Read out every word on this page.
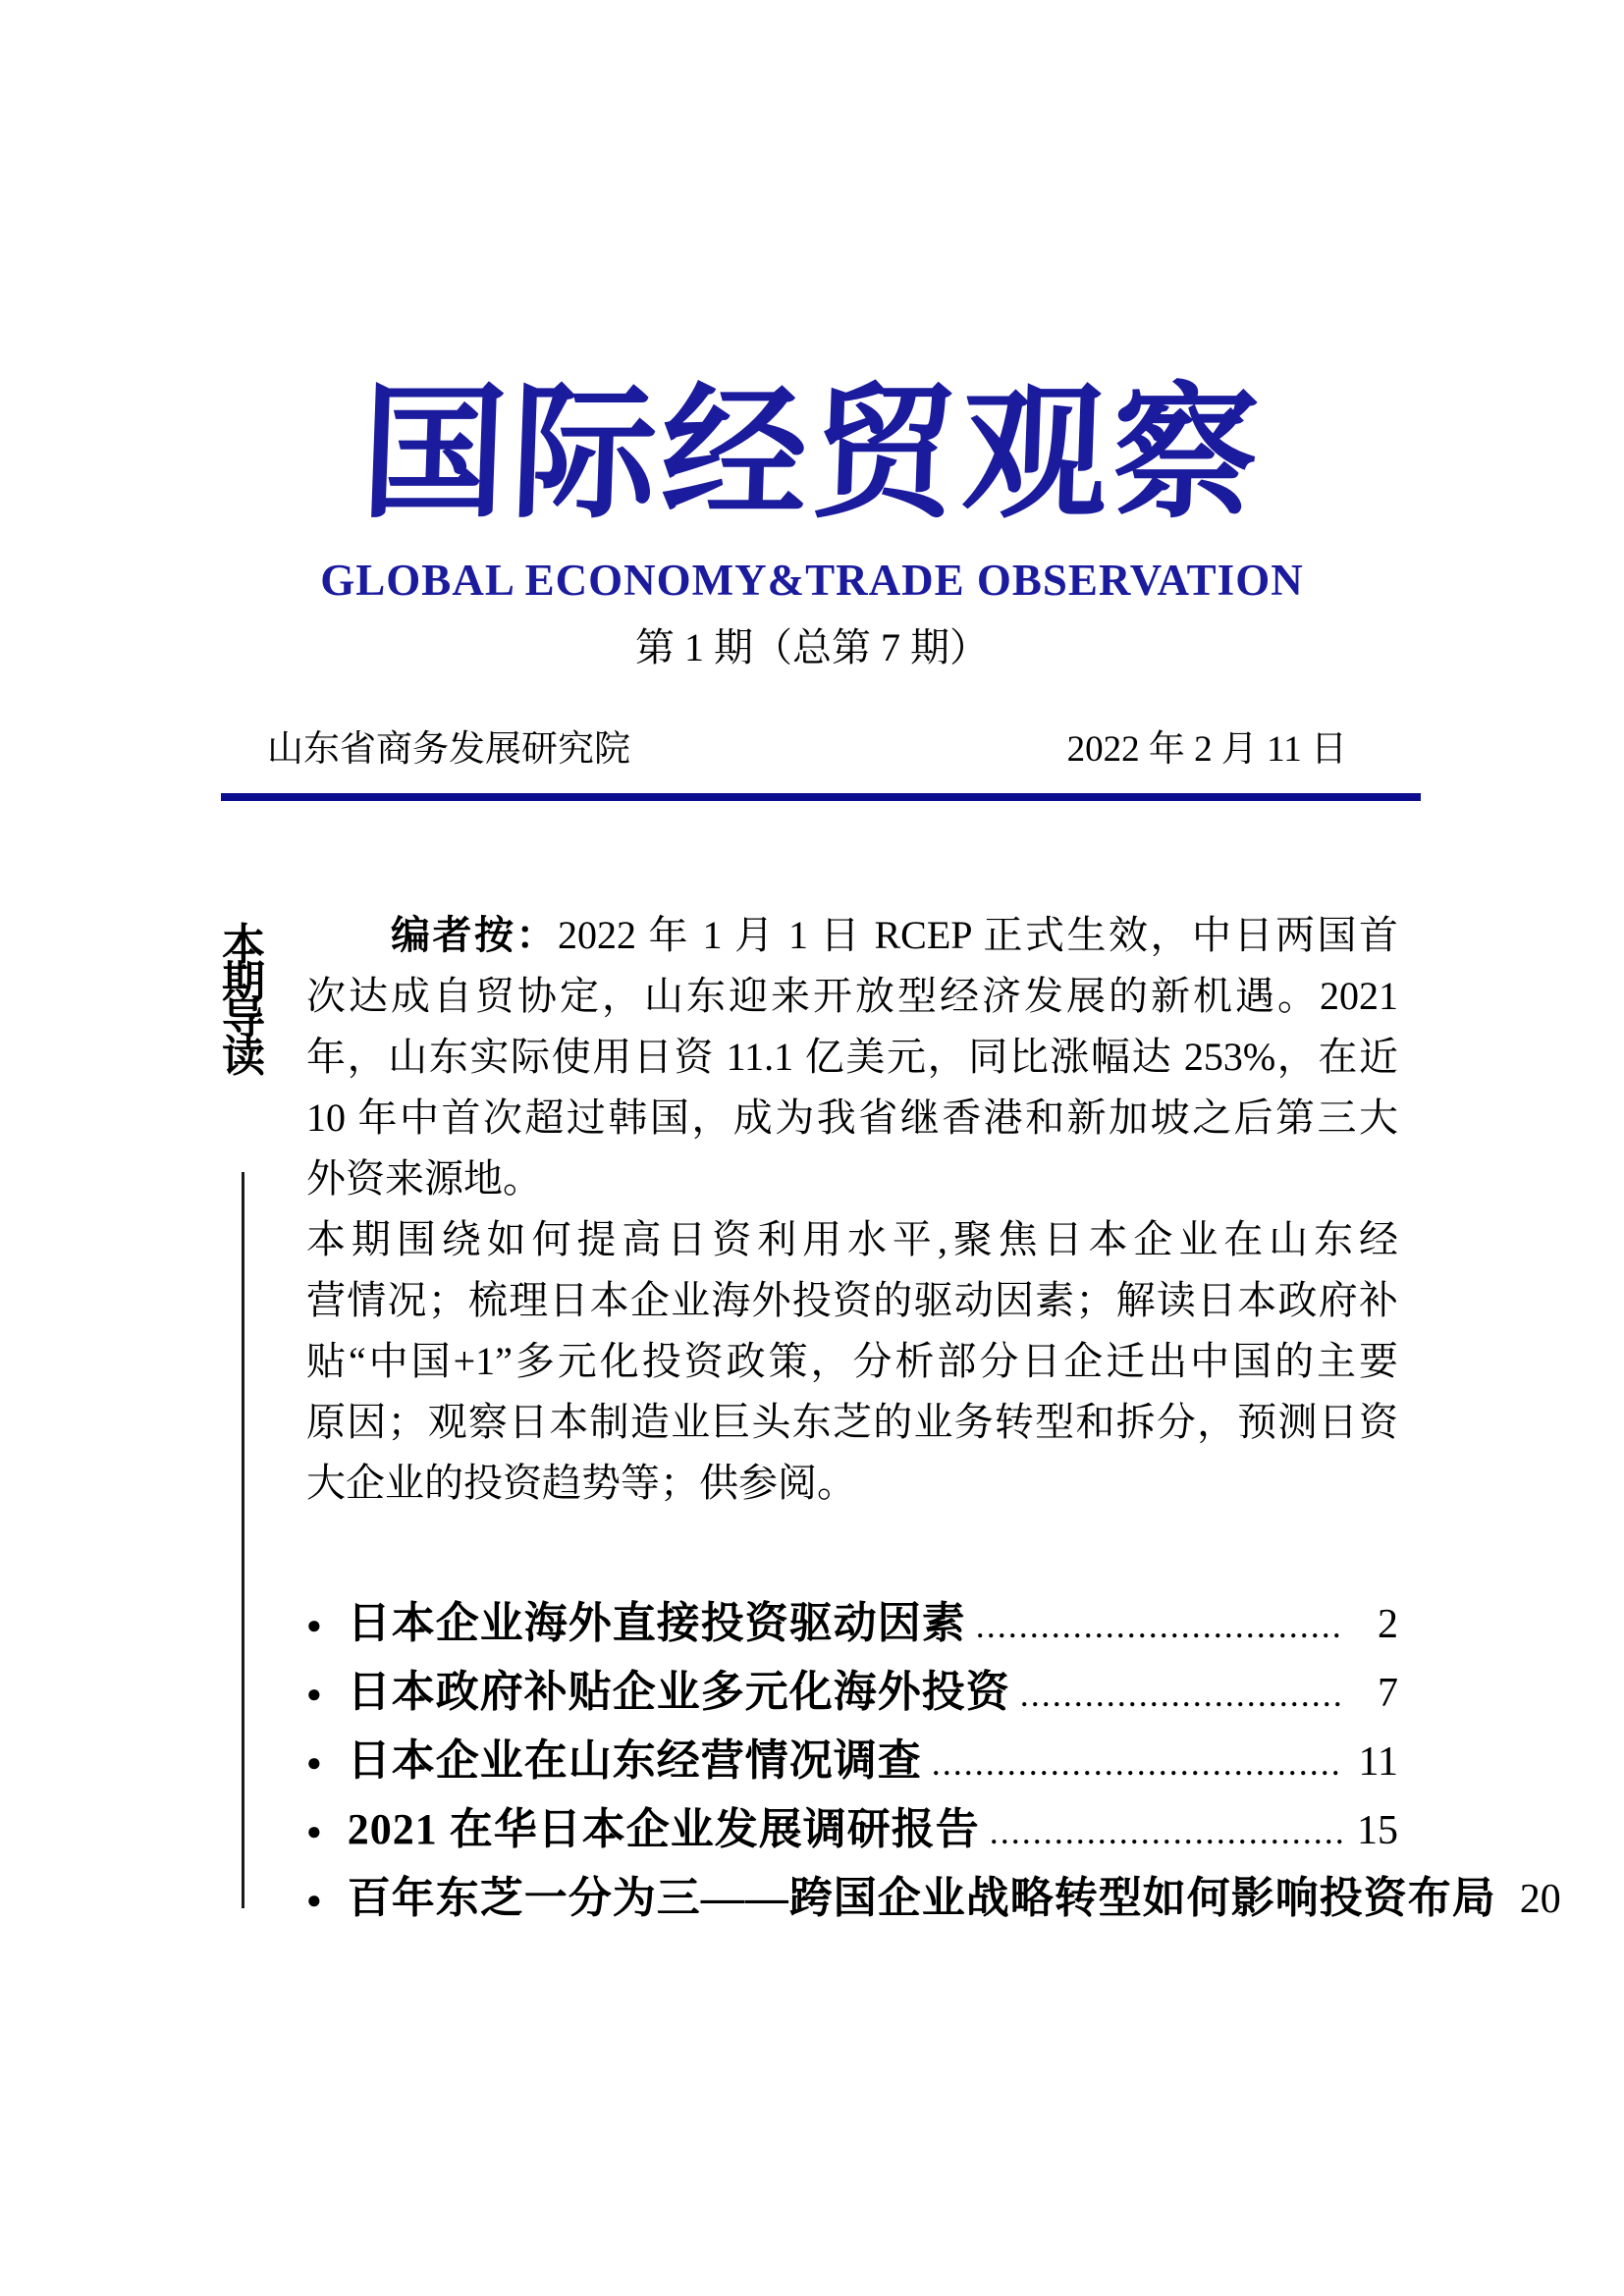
国际经贸观察
GLOBAL ECONOMY&TRADE OBSERVATION
第 1 期（总第 7 期）
山东省商务发展研究院	2022 年 2 月 11 日
本期导读
编者按：2022 年 1 月 1 日 RCEP 正式生效，中日两国首
次达成自贸协定，山东迎来开放型经济发展的新机遇。2021
年，山东实际使用日资 11.1 亿美元，同比涨幅达 253%，在近
10 年中首次超过韩国，成为我省继香港和新加坡之后第三大
外资来源地。
本期围绕如何提高日资利用水平,聚焦日本企业在山东经
营情况；梳理日本企业海外投资的驱动因素；解读日本政府补
贴“中国+1”多元化投资政策，分析部分日企迁出中国的主要
原因；观察日本制造业巨头东芝的业务转型和拆分，预测日资
大企业的投资趋势等；供参阅。
● 日本企业海外直接投资驱动因素 .....	2
● 日本政府补贴企业多元化海外投资 .....	7
● 日本企业在山东经营情况调查 .....	11
● 2021 在华日本企业发展调研报告 .....	15
● 百年东芝一分为三——跨国企业战略转型如何影响投资布局 20
